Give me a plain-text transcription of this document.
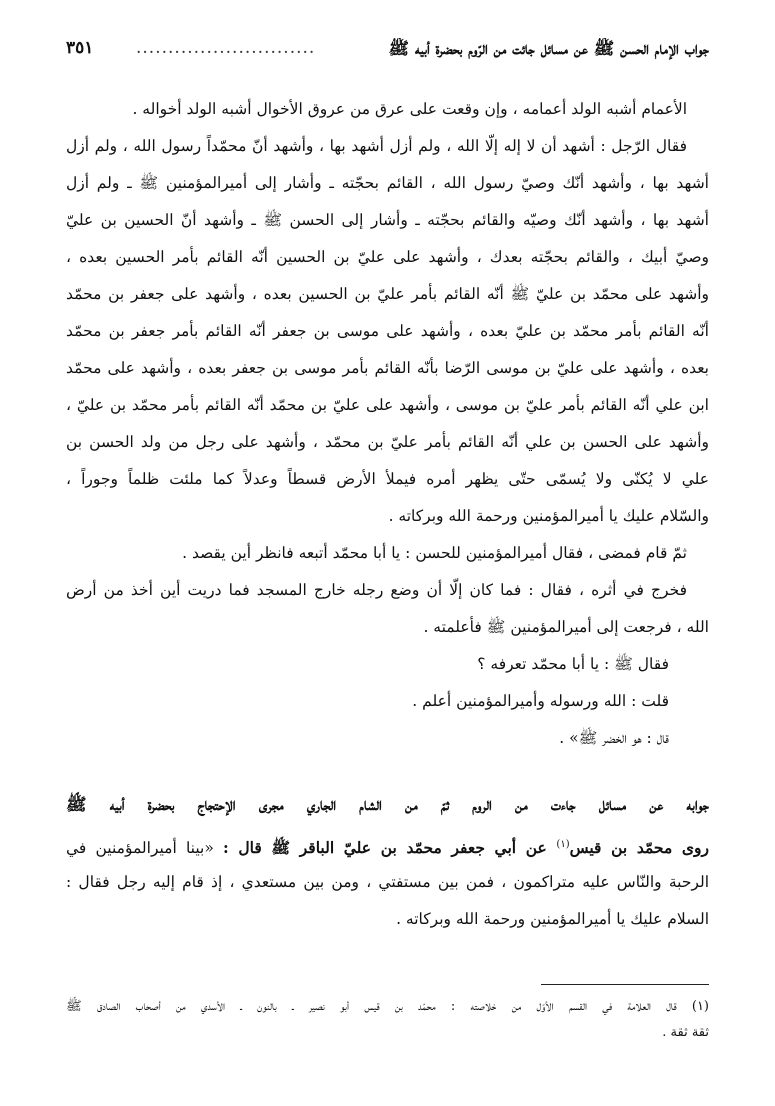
جواب الإمام الحسن ﷺ عن مسائل جائت من الرّوم بحضرة أبيه ﷺ
............................
٣٥١
الأعمام أشبه الولد أعمامه ، وإن وقعت على عرق من عروق الأخوال أشبه الولد أخواله .
فقال الرّجل : أشهد أن لا إله إلّا الله ، ولم أزل أشهد بها ، وأشهد أنّ محمّداً رسول الله ، ولم أزل
أشهد بها ، وأشهد أنّك وصيّ رسول الله ، القائم بحجّته ـ وأشار إلى أميرالمؤمنين ﷺ ـ ولم أزل
أشهد بها ، وأشهد أنّك وصيّه والقائم بحجّته ـ وأشار إلى الحسن ﷺ ـ وأشهد أنّ الحسين بن عليّ
وصيّ أبيك ، والقائم بحجّته بعدك ، وأشهد على عليّ بن الحسين أنّه القائم بأمر الحسين بعده ،
وأشهد على محمّد بن عليّ ﷺ أنّه القائم بأمر عليّ بن الحسين بعده ، وأشهد على جعفر بن محمّد
أنّه القائم بأمر محمّد بن عليّ بعده ، وأشهد على موسى بن جعفر أنّه القائم بأمر جعفر بن محمّد
بعده ، وأشهد على عليّ بن موسى الرّضا بأنّه القائم بأمر موسى بن جعفر بعده ، وأشهد على محمّد
ابن علي أنّه القائم بأمر عليّ بن موسى ، وأشهد على عليّ بن محمّد أنّه القائم بأمر محمّد بن عليّ ،
وأشهد على الحسن بن علي أنّه القائم بأمر عليّ بن محمّد ، وأشهد على رجل من ولد الحسن بن
علي لا يُكنّى ولا يُسمّى حتّى يظهر أمره فيملأ الأرض قسطاً وعدلاً كما ملئت ظلماً وجوراً ،
والسّلام عليك يا أميرالمؤمنين ورحمة الله وبركاته .
ثمّ قام فمضى ، فقال أميرالمؤمنين للحسن : يا أبا محمّد أتبعه فانظر أين يقصد .
فخرج في أثره ، فقال : فما كان إلّا أن وضع رجله خارج المسجد فما دريت أين أخذ من أرض
الله ، فرجعت إلى أميرالمؤمنين ﷺ فأعلمته .
فقال ﷺ : يا أبا محمّد تعرفه ؟
قلت : الله ورسوله وأميرالمؤمنين أعلم .
قال : هو الخضر ﷺ» .
جوابه عن مسائل جاءت من الروم ثمّ من الشام الجاري مجرى الإحتجاج بحضرة أبيه ﷺ
روى محمّد بن قيس$^{(١)}$ عن أبي جعفر محمّد بن عليّ الباقر ﷺ قال : «بينا أميرالمؤمنين في
الرحبة والنّاس عليه متراكمون ، فمن بين مستفتي ، ومن بين مستعدي ، إذ قام إليه رجل فقال :
السلام عليك يا أميرالمؤمنين ورحمة الله وبركاته .
(١) قال العلامة في القسم الأوّل من خلاصته : محمّد بن قيس أبو نصير ـ بالنون ـ الأسدي من أصحاب الصادق ﷺ
ثقة ثقة .
